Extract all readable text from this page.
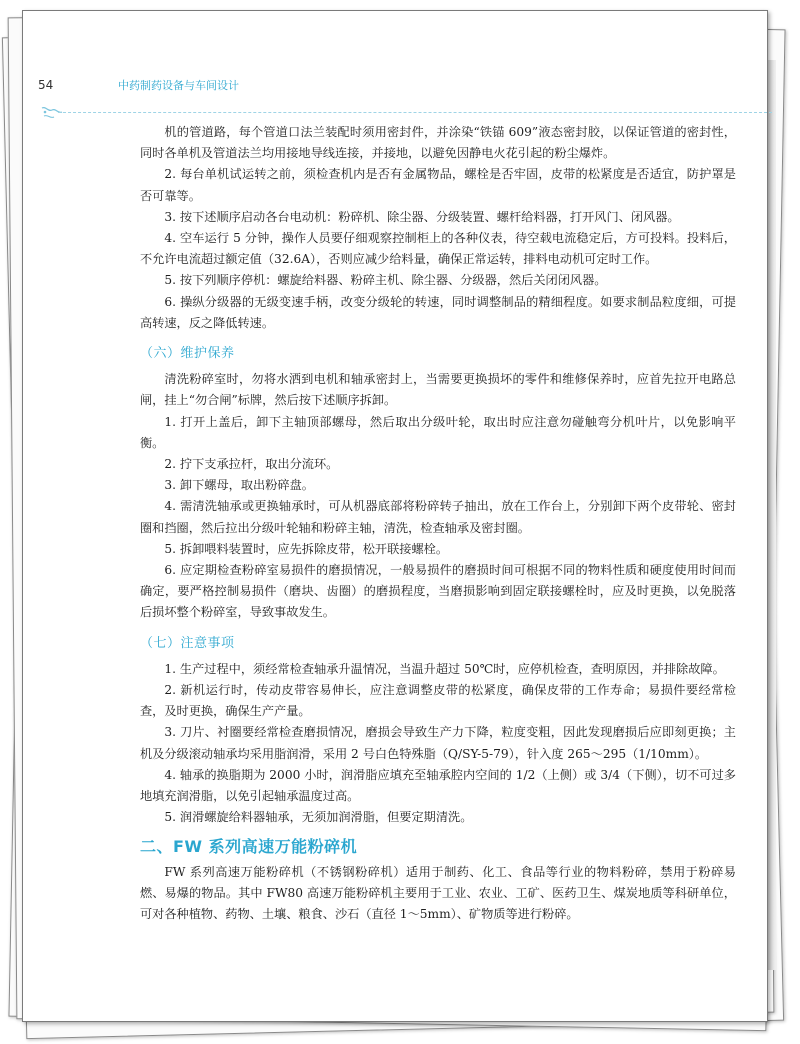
54	中药制药设备与车间设计

机的管道路，每个管道口法兰装配时须用密封件，并涂染“铁锚 609”液态密封胶，以保证管道的密封性，同时各单机及管道法兰均用接地导线连接，并接地，以避免因静电火花引起的粉尘爆炸。

2. 每台单机试运转之前，须检查机内是否有金属物品，螺栓是否牢固，皮带的松紧度是否适宜，防护罩是否可靠等。

3. 按下述顺序启动各台电动机：粉碎机、除尘器、分级装置、螺杆给料器，打开风门、闭风器。

4. 空车运行 5 分钟，操作人员要仔细观察控制柜上的各种仪表，待空载电流稳定后，方可投料。投料后，不允许电流超过额定值（32.6A），否则应减少给料量，确保正常运转，排料电动机可定时工作。

5. 按下列顺序停机：螺旋给料器、粉碎主机、除尘器、分级器，然后关闭闭风器。

6. 操纵分级器的无级变速手柄，改变分级轮的转速，同时调整制品的精细程度。如要求制品粒度细，可提高转速，反之降低转速。

（六）维护保养

清洗粉碎室时，勿将水洒到电机和轴承密封上，当需要更换损坏的零件和维修保养时，应首先拉开电路总闸，挂上“勿合闸”标牌，然后按下述顺序拆卸。

1. 打开上盖后，卸下主轴顶部螺母，然后取出分级叶轮，取出时应注意勿碰触弯分机叶片，以免影响平衡。

2. 拧下支承拉杆，取出分流环。

3. 卸下螺母，取出粉碎盘。

4. 需清洗轴承或更换轴承时，可从机器底部将粉碎转子抽出，放在工作台上，分别卸下两个皮带轮、密封圈和挡圈，然后拉出分级叶轮轴和粉碎主轴，清洗，检查轴承及密封圈。

5. 拆卸喂料装置时，应先拆除皮带，松开联接螺栓。

6. 应定期检查粉碎室易损件的磨损情况，一般易损件的磨损时间可根据不同的物料性质和硬度使用时间而确定，要严格控制易损件（磨块、齿圈）的磨损程度，当磨损影响到固定联接螺栓时，应及时更换，以免脱落后损坏整个粉碎室，导致事故发生。

（七）注意事项

1. 生产过程中，须经常检查轴承升温情况，当温升超过 50℃时，应停机检查，查明原因，并排除故障。

2. 新机运行时，传动皮带容易伸长，应注意调整皮带的松紧度，确保皮带的工作寿命；易损件要经常检查，及时更换，确保生产产量。

3. 刀片、衬圈要经常检查磨损情况，磨损会导致生产力下降，粒度变粗，因此发现磨损后应即刻更换；主机及分级滚动轴承均采用脂润滑，采用 2 号白色特殊脂（Q/SY-5-79），针入度 265～295（1/10mm）。

4. 轴承的换脂期为 2000 小时，润滑脂应填充至轴承腔内空间的 1/2（上侧）或 3/4（下侧），切不可过多地填充润滑脂，以免引起轴承温度过高。

5. 润滑螺旋给料器轴承，无须加润滑脂，但要定期清洗。

二、FW 系列高速万能粉碎机

FW 系列高速万能粉碎机（不锈钢粉碎机）适用于制药、化工、食品等行业的物料粉碎，禁用于粉碎易燃、易爆的物品。其中 FW80 高速万能粉碎机主要用于工业、农业、工矿、医药卫生、煤炭地质等科研单位，可对各种植物、药物、土壤、粮食、沙石（直径 1～5mm）、矿物质等进行粉碎。
